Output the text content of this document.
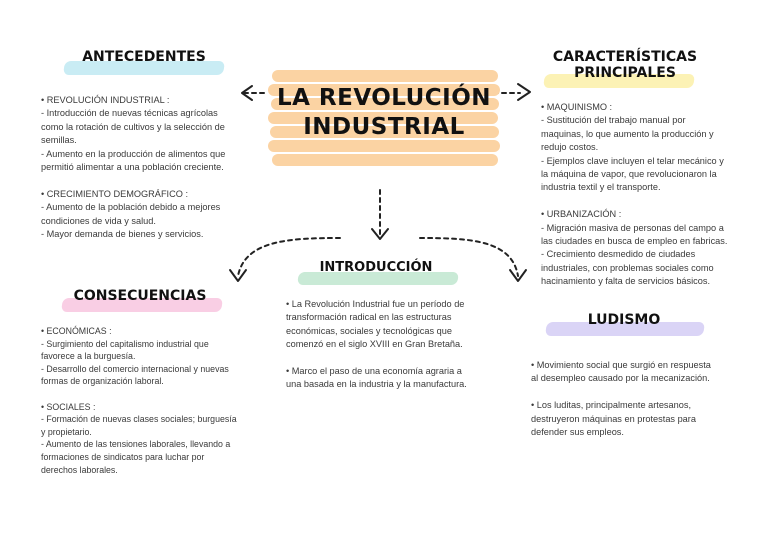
LA REVOLUCIÓN
INDUSTRIAL
ANTECEDENTES
• REVOLUCIÓN INDUSTRIAL :
- Introducción de nuevas técnicas agrícolas
como la rotación de cultivos y la selección de
semillas.
- Aumento en la producción de alimentos que
permitió alimentar a una población creciente.
• CRECIMIENTO DEMOGRÁFICO :
- Aumento de la población debido a mejores
condiciones de vida y salud.
- Mayor demanda de bienes y servicios.
CARACTERÍSTICAS
PRINCIPALES
• MAQUINISMO :
- Sustitución del trabajo manual por
maquinas, lo que aumento la producción y
redujo costos.
- Ejemplos clave incluyen el telar mecánico y
la máquina de vapor, que revolucionaron la
industria textil y el transporte.
• URBANIZACIÓN :
- Migración masiva de personas del campo a
las ciudades en busca de empleo en fabricas.
- Crecimiento desmedido de ciudades
industriales, con problemas sociales como
hacinamiento y falta de servicios básicos.
INTRODUCCIÓN
• La Revolución Industrial fue un período de
transformación radical en las estructuras
económicas, sociales y tecnológicas que
comenzó en el siglo XVIII en Gran Bretaña.
• Marco el paso de una economía agraria a
una basada en la industria y la manufactura.
CONSECUENCIAS
• ECONÓMICAS :
- Surgimiento del capitalismo industrial que
favorece a la burguesía.
- Desarrollo del comercio internacional y nuevas
formas de organización laboral.
• SOCIALES :
- Formación de nuevas clases sociales; burguesía
y propietario.
- Aumento de las tensiones laborales, llevando a
formaciones de sindicatos para luchar por
derechos laborales.
LUDISMO
• Movimiento social que surgió en respuesta
al desempleo causado por la mecanización.
• Los luditas, principalmente artesanos,
destruyeron máquinas en protestas para
defender sus empleos.
